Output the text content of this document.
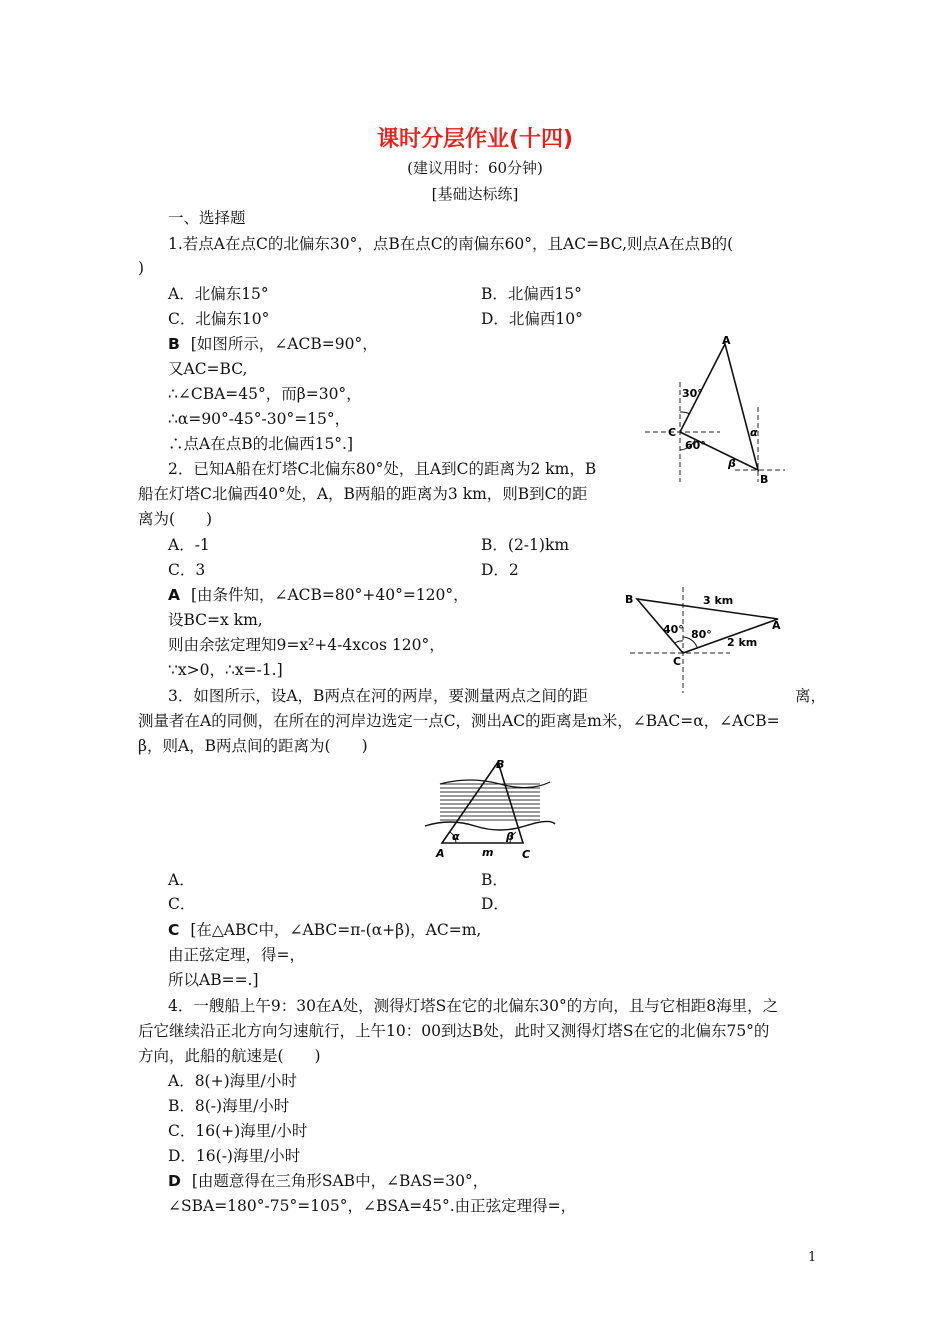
课时分层作业(十四)
(建议用时：60分钟)
[基础达标练]
一、选择题
1.若点A在点C的北偏东30°，点B在点C的南偏东60°，且AC=BC,则点A在点B的(
)
A．北偏东15°	B．北偏西15°
C．北偏东10°	D．北偏西10°
B [如图所示，∠ACB=90°，
又AC=BC,
∴∠CBA=45°，而β=30°，
∴α=90°-45°-30°=15°，
∴点A在点B的北偏西15°.]
A
C
B
30°
60°
α
β
2．已知A船在灯塔C北偏东80°处，且A到C的距离为2 km，B
船在灯塔C北偏西40°处，A，B两船的距离为3 km，则B到C的距
离为(　　)
A．-1	B．(2-1)km
C．3	D．2
A [由条件知，∠ACB=80°+40°=120°，
设BC=x km,
则由余弦定理知9=x²+4-4xcos 120°，
∵x>0，∴x=-1.]
B
A
C
3 km
2 km
40° 80°
3．如图所示，设A，B两点在河的两岸，要测量两点之间的距	离，
测量者在A的同侧，在所在的河岸边选定一点C，测出AC的距离是m米，∠BAC=α，∠ACB=
β，则A，B两点间的距离为(　　)
B
A	C
m
α	β
A．	B．
C．	D．
C [在△ABC中，∠ABC=π-(α+β)，AC=m,
由正弦定理，得=，
所以AB==.]
4．一艘船上午9：30在A处，测得灯塔S在它的北偏东30°的方向，且与它相距8海里，之
后它继续沿正北方向匀速航行，上午10：00到达B处，此时又测得灯塔S在它的北偏东75°的
方向，此船的航速是(　　)
A．8(+)海里/小时
B．8(-)海里/小时
C．16(+)海里/小时
D．16(-)海里/小时
D [由题意得在三角形SAB中，∠BAS=30°，
∠SBA=180°-75°=105°，∠BSA=45°.由正弦定理得=，
1
